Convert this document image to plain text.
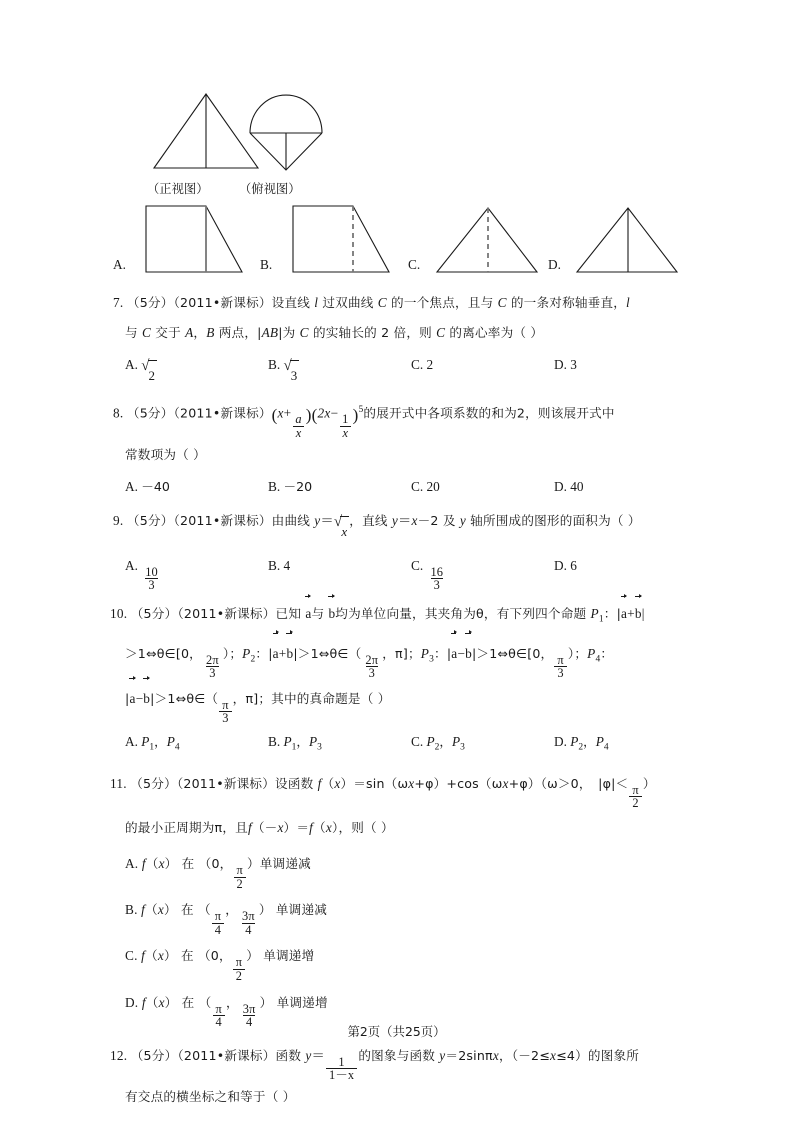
（正视图） （俯视图）
A.	B.	C.	D.
7. （5分）（2011•新课标）设直线 l 过双曲线 C 的一个焦点，且与 C 的一条对称轴垂直，l
与 C 交于 A，B 两点，|AB|为 C 的实轴长的 2 倍，则 C 的离心率为（ ）
A. √
2
B. √
3
C. 2	D. 3
8. （5分）（2011•新课标）(x+
$\frac{a}{x} )(2x-$
$\frac{1}{x} )^5$的展开式中各项系数的和为2，则该展开式中
常数项为（ ）
A. －40	B. －20	C. 20	D. 40
9. （5分）（2011•新课标）由曲线 y＝ √
x
，直线 y＝x－2 及 y 轴所围成的图形的面积为（ ）
A.
$\frac{10}{3}$
B. 4	C.
$\frac{16}{3}$
D. 6
10. （5分）（2011•新课标）已知 a与 b均为单位向量，其夹角为θ，有下列四个命题 $P_1$：|a+b|
＞1⇔θ∈[0，
$\frac{2\pi}{3}$
）；$P_2$：|a+b|＞1⇔θ∈（
$\frac{2\pi}{3}$
，π]；$P_3$：|a−b|＞1⇔θ∈[0，
$\frac{\pi}{3}$
）；$P_4$：
|a−b|＞1⇔θ∈（
$\frac{\pi}{3}$
，π]；其中的真命题是（ ）
A. $P_1$，$P_4$	B. $P_1$，$P_3$	C. $P_2$，$P_3$	D. $P_2$，$P_4$
11. （5分）（2011•新课标）设函数 f（x）＝sin（ωx+φ）+cos（ωx+φ）（ω＞0，　|φ|＜
$\frac{\pi}{2}$
）
的最小正周期为π，且f（－x）＝f（x），则（ ）
A. f（x） 在 （0，
$\frac{\pi}{2}$
）单调递减
B. f（x） 在 （
$\frac{\pi}{4}$
，
$\frac{3\pi}{4}$
） 单调递减
C. f（x） 在 （0，
$\frac{\pi}{2}$
） 单调递增
D. f（x） 在 （
$\frac{\pi}{4}$
，
$\frac{3\pi}{4}$
） 单调递增
12. （5分）（2011•新课标）函数 y＝
$\frac{1}{1-x}$
的图象与函数 y＝2sinπx，（－2≤x≤4）的图象所
有交点的横坐标之和等于（ ）
第2页（共25页）
